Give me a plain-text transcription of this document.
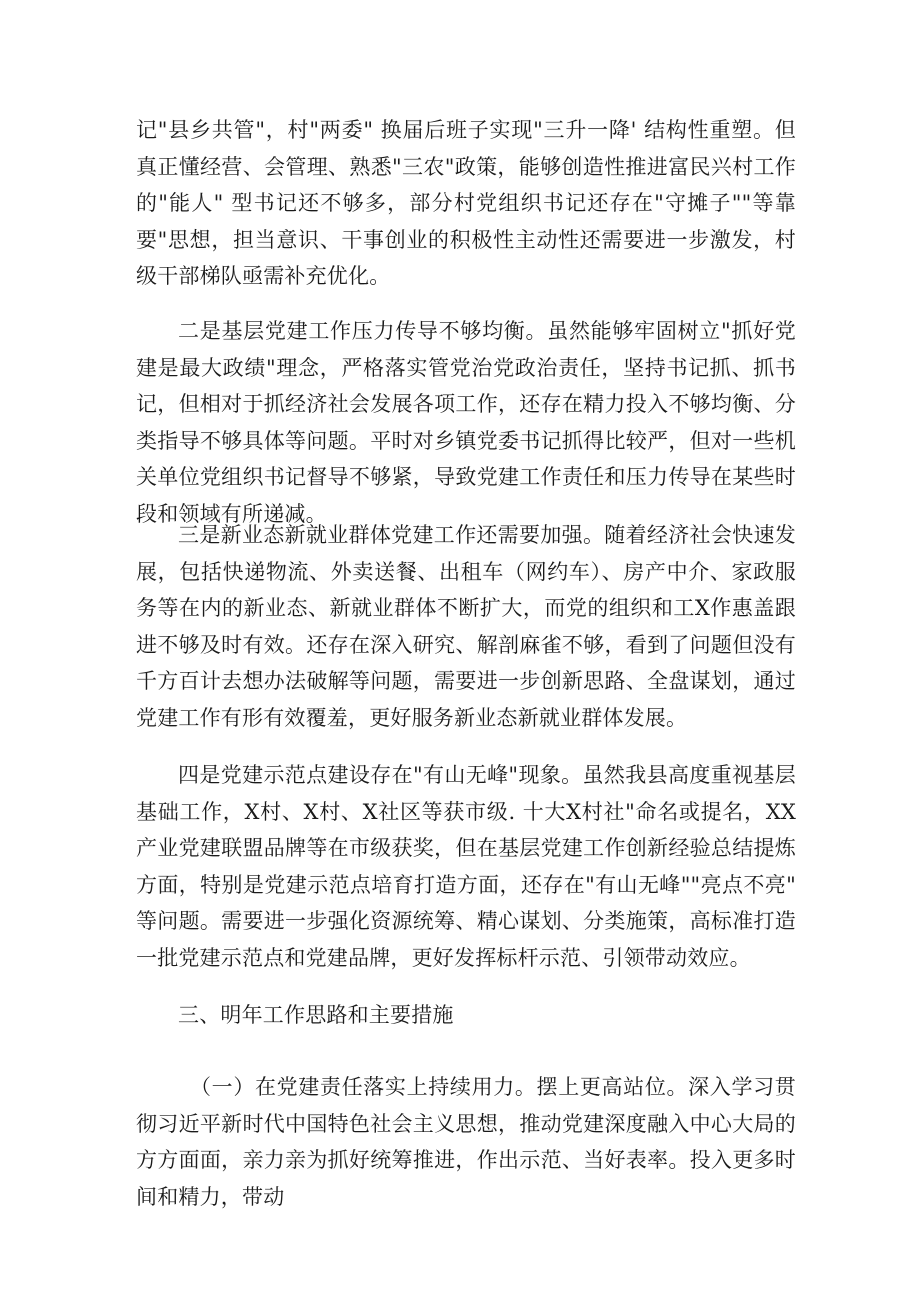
记"县乡共管"，村"两委" 换届后班子实现"三升一降' 结构性重塑。但真正懂经营、会管理、熟悉"三农"政策，能够创造性推进富民兴村工作的"能人" 型书记还不够多，部分村党组织书记还存在"守摊子""等靠要"思想，担当意识、干事创业的积极性主动性还需要进一步激发，村级干部梯队亟需补充优化。

二是基层党建工作压力传导不够均衡。虽然能够牢固树立"抓好党建是最大政绩"理念，严格落实管党治党政治责任，坚持书记抓、抓书记，但相对于抓经济社会发展各项工作，还存在精力投入不够均衡、分类指导不够具体等问题。平时对乡镇党委书记抓得比较严，但对一些机关单位党组织书记督导不够紧，导致党建工作责任和压力传导在某些时段和领域有所递减。

三是新业态新就业群体党建工作还需要加强。随着经济社会快速发展，包括快递物流、外卖送餐、出租车（网约车）、房产中介、家政服务等在内的新业态、新就业群体不断扩大，而党的组织和工X作惠盖跟进不够及时有效。还存在深入研究、解剖麻雀不够，看到了问题但没有千方百计去想办法破解等问题，需要进一步创新思路、全盘谋划，通过党建工作有形有效覆羞，更好服务新业态新就业群体发展。

四是党建示范点建设存在"有山无峰"现象。虽然我县高度重视基层基础工作，X村、X村、X社区等获市级. 十大X村社"命名或提名，XX产业党建联盟品牌等在市级获奖，但在基层党建工作创新经验总结提炼方面，特别是党建示范点培育打造方面，还存在"有山无峰""亮点不亮" 等问题。需要进一步强化资源统筹、精心谋划、分类施策，高标准打造一批党建示范点和党建品牌，更好发挥标杆示范、引领带动效应。

三、明年工作思路和主要措施

（一）在党建责任落实上持续用力。摆上更高站位。深入学习贯彻习近平新时代中国特色社会主义思想，推动党建深度融入中心大局的方方面面，亲力亲为抓好统筹推进，作出示范、当好表率。投入更多时间和精力，带动
